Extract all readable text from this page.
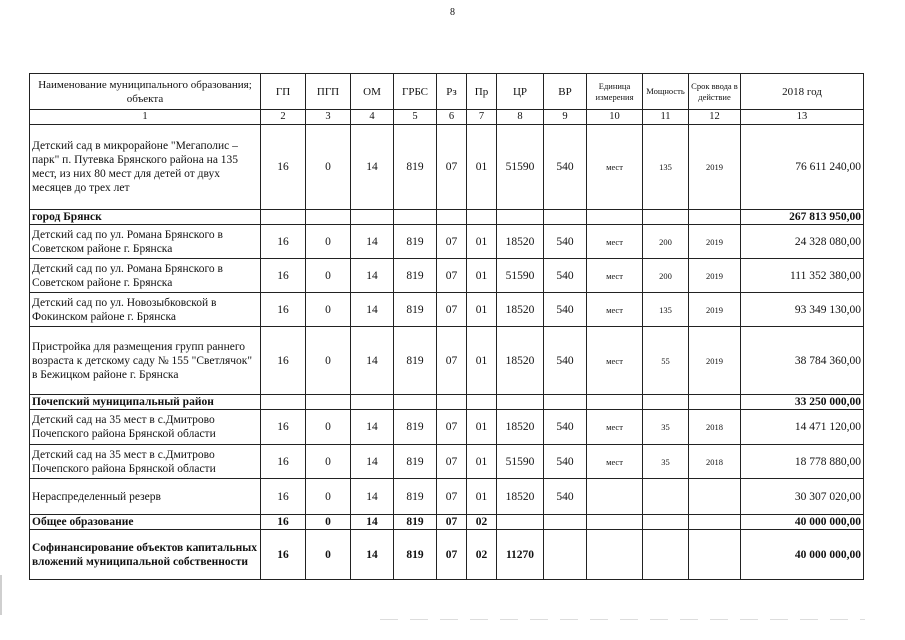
8
Наименование муниципального образования; объекта	ГП	ПГП	ОМ	ГРБС	Рз	Пр	ЦР	ВР	Единица измерения	Мощность	Срок ввода в действие	2018 год
1	2	3	4	5	6	7	8	9	10	11	12	13
Детский сад в микрорайоне "Мегаполис – парк" п. Путевка Брянского района на 135 мест, из них 80 мест для детей от двух месяцев до трех лет	16	0	14	819	07	01	51590	540	мест	135	2019	76 611 240,00
город Брянск												267 813 950,00
Детский сад по ул. Романа Брянского в Советском районе г. Брянска	16	0	14	819	07	01	18520	540	мест	200	2019	24 328 080,00
Детский сад по ул. Романа Брянского в Советском районе г. Брянска	16	0	14	819	07	01	51590	540	мест	200	2019	111 352 380,00
Детский сад по ул. Новозыбковской в Фокинском районе г. Брянска	16	0	14	819	07	01	18520	540	мест	135	2019	93 349 130,00
Пристройка для размещения групп раннего возраста к детскому саду № 155 "Светлячок" в Бежицком районе г. Брянска	16	0	14	819	07	01	18520	540	мест	55	2019	38 784 360,00
Почепский муниципальный район												33 250 000,00
Детский сад на 35 мест в с.Дмитрово Почепского района Брянской области	16	0	14	819	07	01	18520	540	мест	35	2018	14 471 120,00
Детский сад на 35 мест в с.Дмитрово Почепского района Брянской области	16	0	14	819	07	01	51590	540	мест	35	2018	18 778 880,00
Нераспределенный резерв	16	0	14	819	07	01	18520	540				30 307 020,00
Общее образование	16	0	14	819	07	02						40 000 000,00
Софинансирование объектов капитальных вложений муниципальной собственности	16	0	14	819	07	02	11270					40 000 000,00
